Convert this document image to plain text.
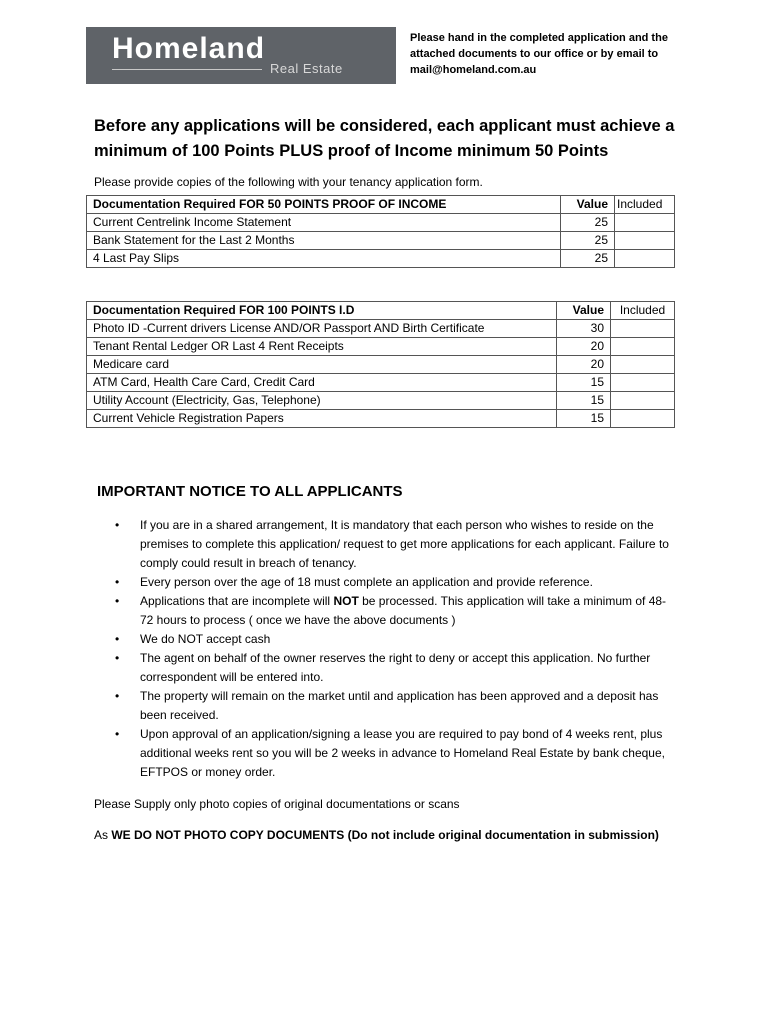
Homeland
Real Estate
Please hand in the completed application and the attached documents to our office or by email to mail@homeland.com.au
Before any applications will be considered, each applicant must achieve a minimum of 100 Points PLUS proof of Income minimum 50 Points
Please provide copies of the following with your tenancy application form.
Documentation Required FOR 50 POINTS PROOF OF INCOME	Value	Included
Current Centrelink Income Statement	25	
Bank Statement for the Last 2 Months	25	
4 Last Pay Slips	25	
Documentation Required FOR 100 POINTS I.D	Value	Included
Photo ID -Current drivers License AND/OR Passport AND Birth Certificate	30	
Tenant Rental Ledger OR Last 4 Rent Receipts	20	
Medicare card	20	
ATM Card, Health Care Card, Credit Card	15	
Utility Account (Electricity, Gas, Telephone)	15	
Current Vehicle Registration Papers	15	
IMPORTANT NOTICE TO ALL APPLICANTS
• If you are in a shared arrangement, It is mandatory that each person who wishes to reside on the premises to complete this application/ request to get more applications for each applicant. Failure to comply could result in breach of tenancy.
• Every person over the age of 18 must complete an application and provide reference.
• Applications that are incomplete will NOT be processed. This application will take a minimum of 48-72 hours to process ( once we have the above documents )
• We do NOT accept cash
• The agent on behalf of the owner reserves the right to deny or accept this application. No further correspondent will be entered into.
• The property will remain on the market until and application has been approved and a deposit has been received.
• Upon approval of an application/signing a lease you are required to pay bond of 4 weeks rent, plus additional weeks rent so you will be 2 weeks in advance to Homeland Real Estate by bank cheque, EFTPOS or money order.
Please Supply only photo copies of original documentations or scans
As WE DO NOT PHOTO COPY DOCUMENTS (Do not include original documentation in submission)
